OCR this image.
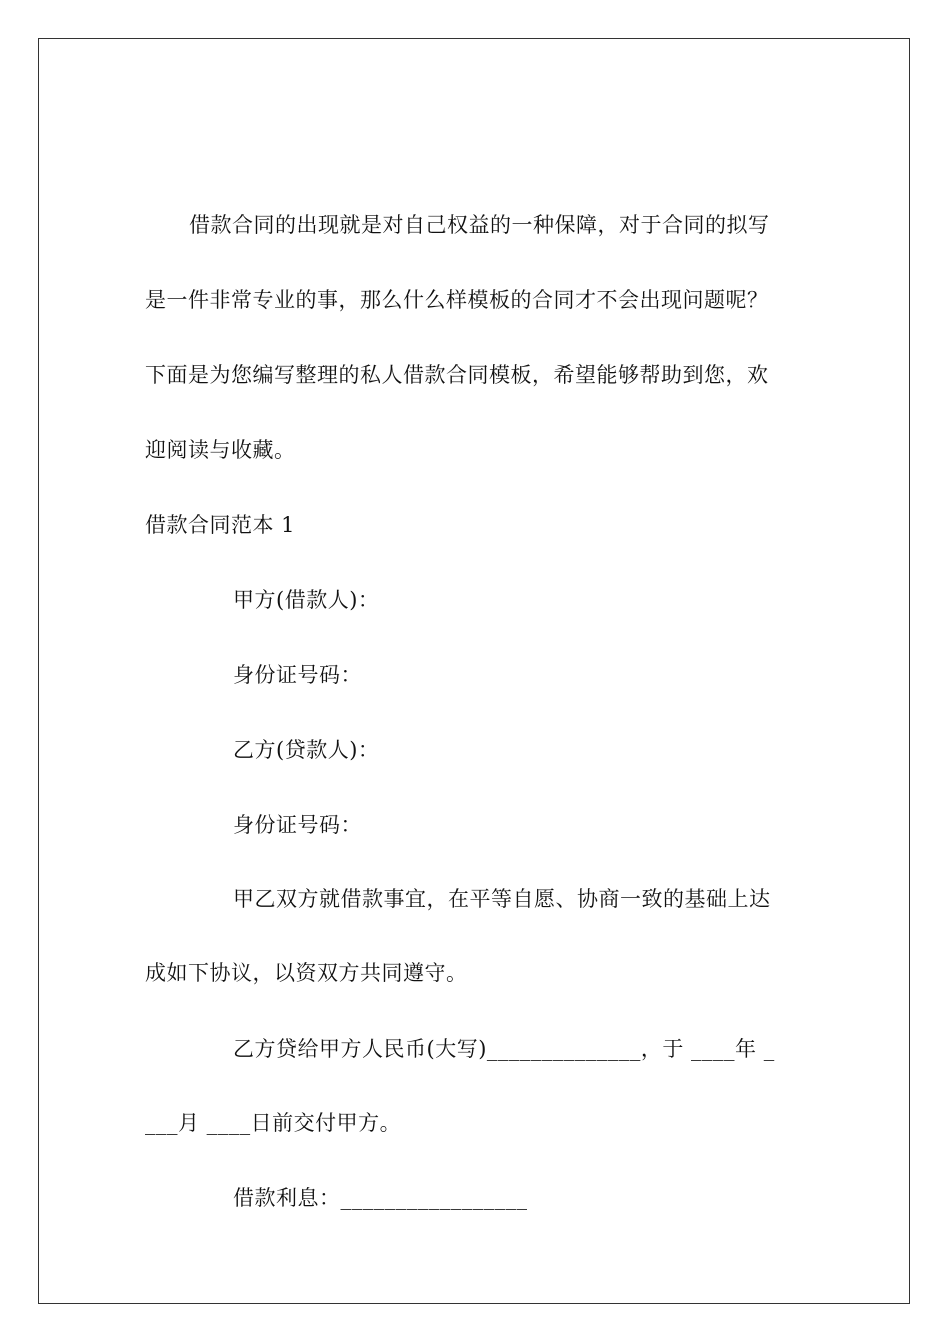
借款合同的出现就是对自己权益的一种保障，对于合同的拟写
是一件非常专业的事，那么什么样模板的合同才不会出现问题呢？
下面是为您编写整理的私人借款合同模板，希望能够帮助到您，欢
迎阅读与收藏。
借款合同范本 1
甲方(借款人)：
身份证号码：
乙方(贷款人)：
身份证号码：
甲乙双方就借款事宜，在平等自愿、协商一致的基础上达
成如下协议，以资双方共同遵守。
乙方贷给甲方人民币(大写)______________，于 ____年 _
___月 ____日前交付甲方。
借款利息：_________________
